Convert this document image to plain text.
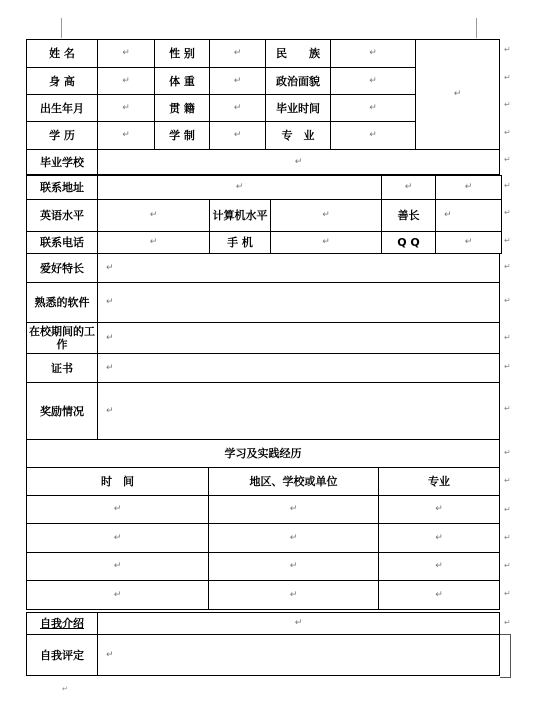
姓 名	↵	性 别	↵	民　　族	↵	↵
身 高	↵	体 重	↵	政治面貌	↵	
出生年月	↵	贯 籍	↵	毕业时间	↵	
学 历	↵	学 制	↵	专　业	↵	
毕业学校	↵					
联系地址	↵			↵	↵
英语水平	↵	计算机水平	↵	善长	↵
联系电话	↵	手 机	↵	Q Q	↵
爱好特长	↵		
熟悉的软件	↵		
在校期间的工作	↵		
证书	↵		
奖励情况	↵		
学习及实践经历			
时　间		地区、学校或单位	专业
↵		↵	↵
↵		↵	↵
↵		↵	↵
↵		↵	↵
自我介绍	↵
自我评定	↵
↵
↵
↵
↵
↵
↵
↵
↵
↵
↵
↵
↵
↵
↵
↵
↵
↵
↵
↵
↵
↵
